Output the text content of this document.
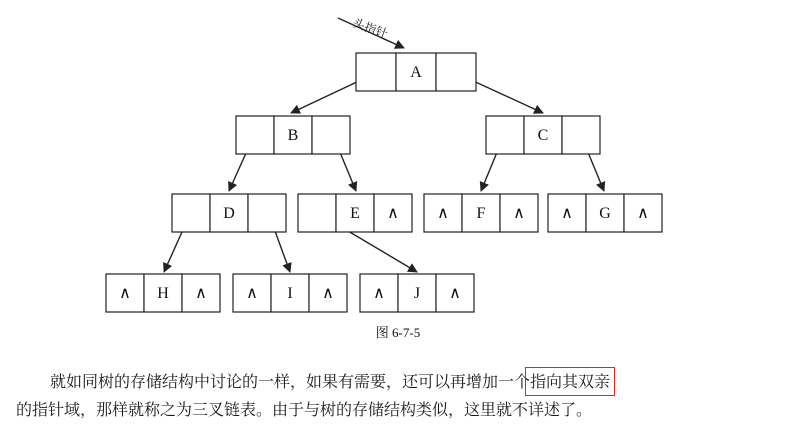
头指针
A
B	C
D	E ∧ ∧ F ∧ ∧ G ∧
∧ H ∧ ∧ I ∧ ∧ J ∧
图 6-7-5

就如同树的存储结构中讨论的一样，如果有需要，还可以再增加一个指向其双亲

的指针域，那样就称之为三叉链表。由于与树的存储结构类似，这里就不详述了。
